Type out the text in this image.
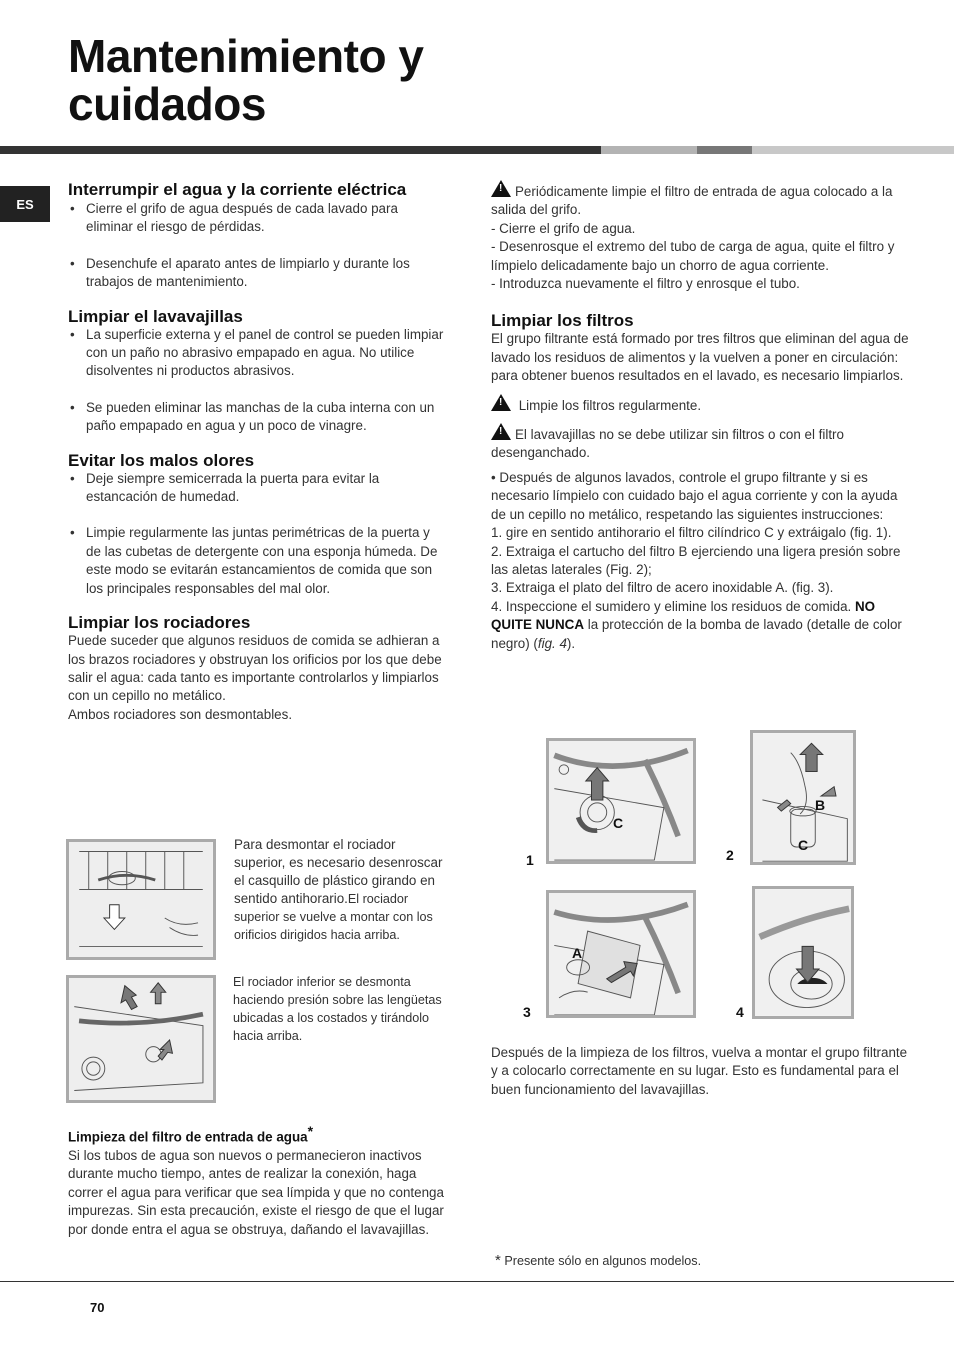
Mantenimiento y cuidados
ES
Interrumpir el agua y la corriente eléctrica
• Cierre el grifo de agua después de cada lavado para eliminar el riesgo de pérdidas.
• Desenchufe el aparato antes de limpiarlo y durante los trabajos de mantenimiento.
Limpiar el lavavajillas
• La superficie externa y el panel de control se pueden limpiar con un paño no abrasivo empapado en agua. No utilice disolventes ni productos abrasivos.
• Se pueden eliminar las manchas de la cuba interna con un paño empapado en agua y un poco de vinagre.
Evitar los malos olores
• Deje siempre semicerrada la puerta para evitar la estancación de humedad.
• Limpie regularmente las juntas perimétricas de la puerta y de las cubetas de detergente con una esponja húmeda. De este modo se evitarán estancamientos de comida que son los principales responsables del mal olor.
Limpiar los rociadores

Puede suceder que algunos residuos de comida se adhieran a los brazos rociadores y obstruyan los orificios por los que debe salir el agua: cada tanto es importante controlarlos y limpiarlos con un cepillo no metálico.

Ambos rociadores son desmontables.

Para desmontar el rociador superior, es necesario desenroscar el casquillo de plástico girando en sentido antihorario.El rociador superior se vuelve a montar con los orificios dirigidos hacia arriba.
El rociador inferior se desmonta haciendo presión sobre las lengüetas ubicadas a los costados y tirándolo hacia arriba.
Limpieza del filtro de entrada de agua*

Si los tubos de agua son nuevos o permanecieron inactivos durante mucho tiempo, antes de realizar la conexión, haga correr el agua para verificar que sea límpida y que no contenga impurezas. Sin esta precaución, existe el riesgo de que el lugar por donde entra el agua se obstruya, dañando el lavavajillas.

! Periódicamente limpie el filtro de entrada de agua colocado a la salida del grifo.

- Cierre el grifo de agua.

- Desenrosque el extremo del tubo de carga de agua, quite el filtro y límpielo delicadamente bajo un chorro de agua corriente.

- Introduzca nuevamente el filtro y enrosque el tubo.

Limpiar los filtros

El grupo filtrante está formado por tres filtros que eliminan del agua de lavado los residuos de alimentos y la vuelven a poner en circulación: para obtener buenos resultados en el lavado, es necesario limpiarlos.

! Limpie los filtros regularmente.

! El lavavajillas no se debe utilizar sin filtros o con el filtro desenganchado.

• Después de algunos lavados, controle el grupo filtrante y si es necesario límpielo con cuidado bajo el agua corriente y con la ayuda de un cepillo no metálico, respetando las siguientes instrucciones:

1. gire en sentido antihorario el filtro cilíndrico C y extráigalo (fig. 1).

2. Extraiga el cartucho del filtro B ejerciendo una ligera presión sobre las aletas laterales (Fig. 2);

3. Extraiga el plato del filtro de acero inoxidable A. (fig. 3).

4. Inspeccione el sumidero y elimine los residuos de comida. NO QUITE NUNCA la protección de la bomba de lavado (detalle de color negro) (fig. 4).

C
1
B
C
2
A
3	4
Después de la limpieza de los filtros, vuelva a montar el grupo filtrante y a colocarlo correctamente en su lugar. Esto es fundamental para el buen funcionamiento del lavavajillas.
* Presente sólo en algunos modelos.
70
